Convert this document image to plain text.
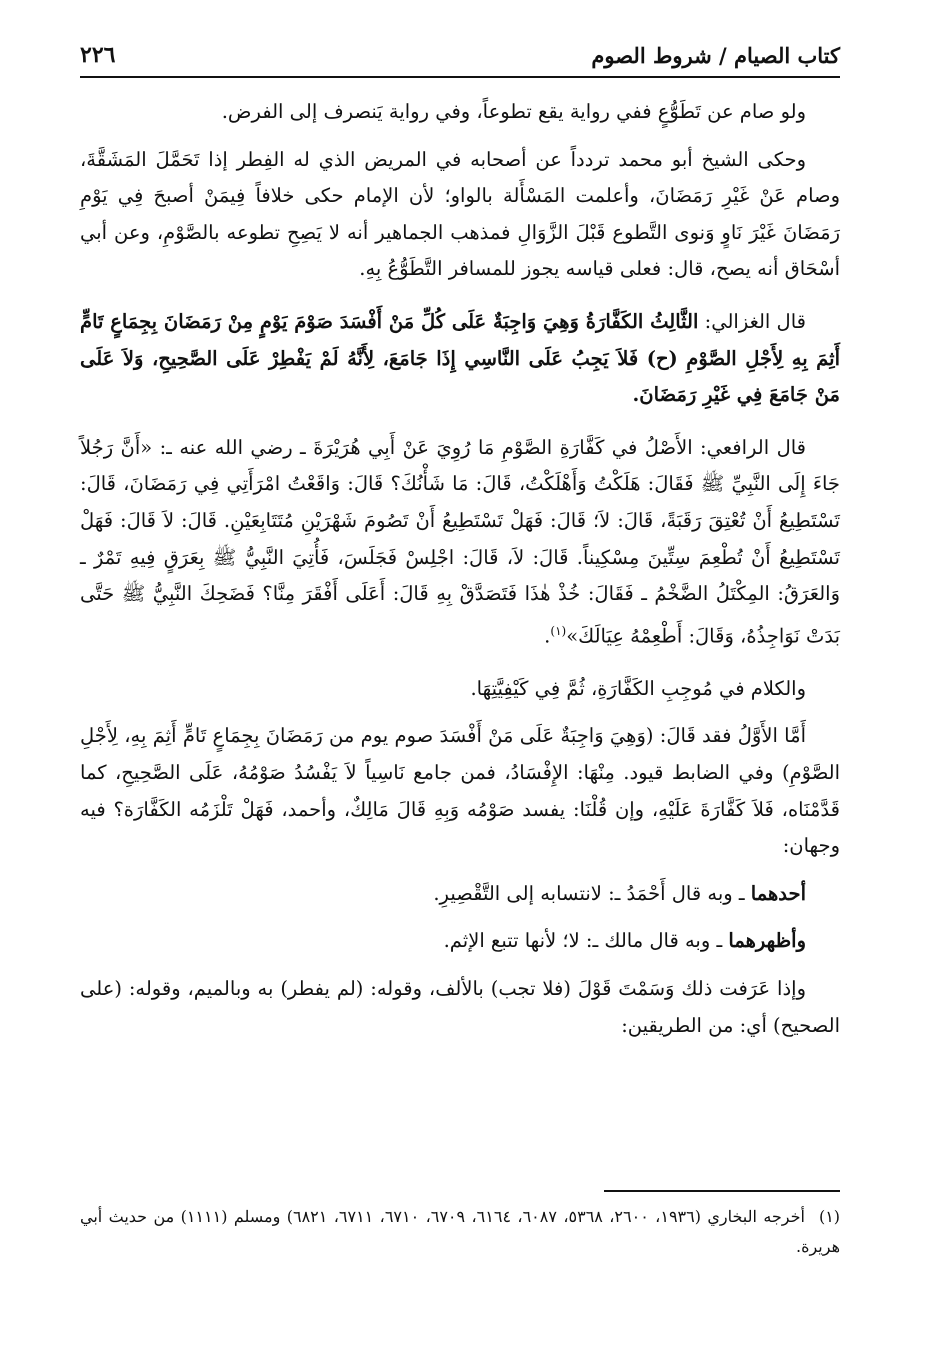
كتاب الصيام / شروط الصوم
٢٢٦

ولو صام عن تَطَوُّعٍ ففي رواية يقع تطوعاً، وفي رواية يَنصرف إلى الفرض.

وحكى الشيخ أبو محمد تردداً عن أصحابه في المريض الذي له الفِطر إذا تَحَمَّلَ المَشَقَّةَ، وصام عَنْ غَيْرِ رَمَضَانَ، وأعلمت المَسْأَلة بالواو؛ لأن الإمام حكى خلافاً فِيمَنْ أصبحَ فِي يَوْمِ رَمَضَانَ غَيْرَ نَاوٍ وَنوى التَّطوع قَبْلَ الزَّوَالِ فمذهب الجماهير أنه لا يَصِحِ تطوعه بالصَّوْمِ، وعن أبي أسْحَاق أنه يصح، قال: فعلى قياسه يجوز للمسافر التَّطَوُّعُ بِهِ.

قال الغزالي: الثَّالِثُ الكَفَّارَةُ وَهِيَ وَاجِبَةٌ عَلَى كُلِّ مَنْ أَفْسَدَ صَوْمَ يَوْمٍ مِنْ رَمَضَانَ بِجِمَاعٍ تَامٍّ أَثِمَ بِهِ لِأَجْلِ الصَّوْمِ (ح) فَلاَ يَجِبُ عَلَى النَّاسِي إِذَا جَامَعَ، لِأَنَّهُ لَمْ يَفْطِرْ عَلَى الصَّحِيحِ، وَلاَ عَلَى مَنْ جَامَعَ فِي غَيْرِ رَمَضَانَ.

قال الرافعي: الأَصْلُ في كَفَّارَةِ الصَّوْمِ مَا رُوِيَ عَنْ أَبِي هُرَيْرَةَ ـ رضي الله عنه ـ: «أَنَّ رَجُلاً جَاءَ إِلَى النَّبِيِّ ﷺ فَقَالَ: هَلَكْتُ وَأَهْلَكْتُ، قَالَ: مَا شَأْنُكَ؟ قَالَ: وَاقَعْتُ امْرَأَتِي فِي رَمَضَانَ، قَالَ: تَسْتَطِيعُ أَنْ تُعْتِقَ رَقَبَةً، قَالَ: لاَ؛ قَالَ: فَهَلْ تَسْتَطِيعُ أَنْ تَصُومَ شَهْرَيْنِ مُتَتَابِعَيْنِ. قَالَ: لاَ قَالَ: فَهَلْ تَسْتَطِيعُ أَنْ تُطْعِمَ سِتِّينَ مِسْكِيناً. قَالَ: لاَ، قَالَ: اجْلِسْ فَجَلَسَ، فَأُتِيَ النَّبِيُّ ﷺ بِعَرَقٍ فِيهِ تَمْرٌ ـ وَالعَرَقُ: المِكْتَلُ الضَّخْمُ ـ فَقَالَ: خُذْ هٰذَا فَتَصَدَّقْ بِهِ قَالَ: أَعَلَى أَفْقَرَ مِنَّا؟ فَضَحِكَ النَّبِيُّ ﷺ حَتَّى بَدَتْ نَوَاجِذُهُ، وَقَالَ: أَطْعِمْهُ عِيَالَكَ»$^{(١)}$.

والكلام في مُوجِبِ الكَفَّارَةِ، ثُمَّ فِي كَيْفِيَّتِهَا.

أَمَّا الأَوَّلُ فقد قَالَ: (وَهِيَ وَاجِبَةٌ عَلَى مَنْ أَفْسَدَ صوم يوم من رَمَضَانَ بِجِمَاعٍ تَامٍّ أَثِمَ بِهِ، لِأَجْلِ الصَّوْمِ) وفي الضابط قيود. مِنْهَا: الإِفْسَادُ، فمن جامع نَاسِياً لاَ يَفْسُدُ صَوْمُهُ، عَلَى الصَّحِيحِ، كما قَدَّمْنَاه، فَلاَ كَفَّارَةَ عَلَيْهِ، وإن قُلْنَا: يفسد صَوْمُه وَبِهِ قَالَ مَالِكٌ، وأحمد، فَهَلْ تَلْزَمُه الكَفَّارَة؟ فيه وجهان:

أحدهما ـ وبه قال أَحْمَدُ ـ: لانتسابه إلى التَّقْصِيرِ.

وأظهرهما ـ وبه قال مالك ـ: لا؛ لأنها تتبع الإثم.

وإذا عَرَفت ذلك وَسَمْتَ قَوْلَ (فلا تجب) بالألف، وقوله: (لم يفطر) به وبالميم، وقوله: (على الصحيح) أي: من الطريقين:

(١)أخرجه البخاري (١٩٣٦، ٢٦٠٠، ٥٣٦٨، ٦٠٨٧، ٦١٦٤، ٦٧٠٩، ٦٧١٠، ٦٧١١، ٦٨٢١) ومسلم (١١١١) من حديث أبي هريرة.
